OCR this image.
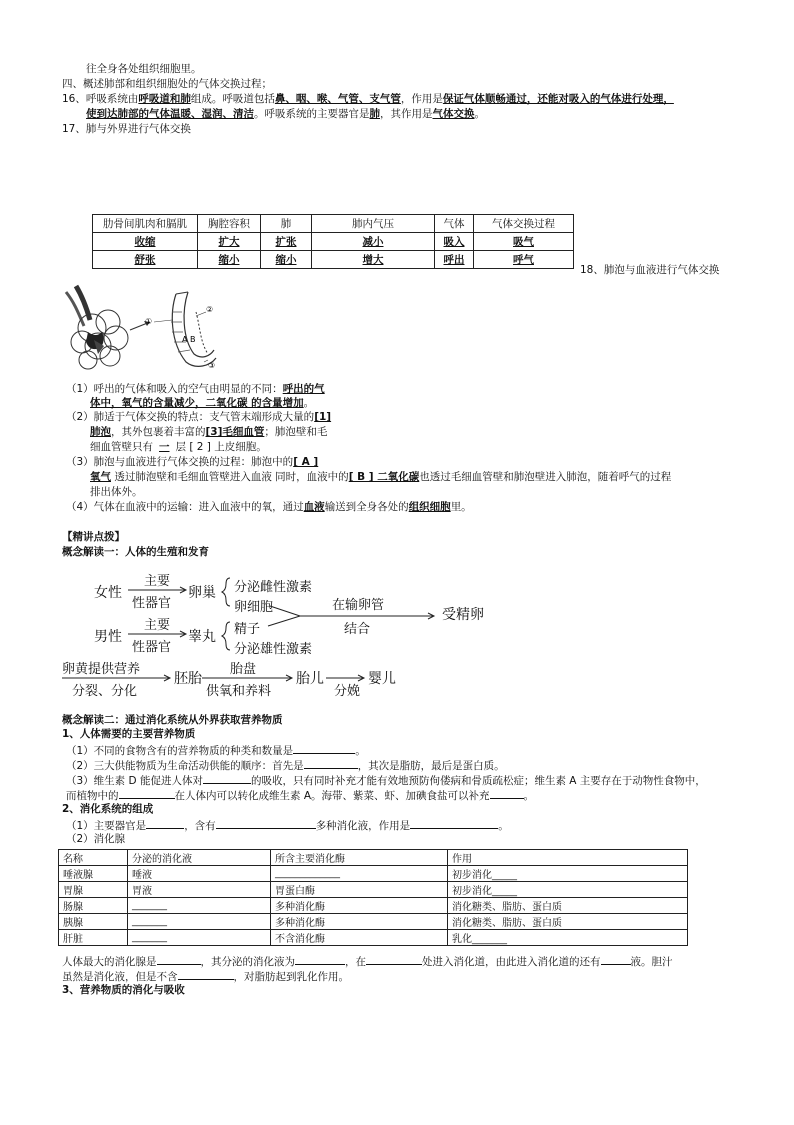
往全身各处组织细胞里。
四、概述肺部和组织细胞处的气体交换过程；
16、呼吸系统由呼吸道和肺组成。呼吸道包括鼻、咽、喉、气管、支气管，作用是保证气体顺畅通过，还能对吸入的气体进行处理，
使到达肺部的气体温暖、湿润、清洁。呼吸系统的主要器官是肺，其作用是气体交换。
17、肺与外界进行气体交换
肋骨间肌肉和膈肌	胸腔容积	肺	肺内气压	气体	气体交换过程
收缩	扩大	扩张	减小	吸入	吸气
舒张	缩小	缩小	增大	呼出	呼气
18、肺泡与血液进行气体交换
①
②
③
A B
（1）呼出的气体和吸入的空气由明显的不同：呼出的气
体中，氧气的含量减少，二氧化碳 的含量增加。
（2）肺适于气体交换的特点：支气管末端形成大量的[1]
肺泡，其外包裹着丰富的[3]毛细血管；肺泡壁和毛
细血管壁只有 一 层 [ 2 ] 上皮细胞。
（3）肺泡与血液进行气体交换的过程：肺泡中的[ A ]
氧气 透过肺泡壁和毛细血管壁进入血液 同时，血液中的[ B ] 二氧化碳也透过毛细血管壁和肺泡壁进入肺泡，随着呼气的过程
排出体外。
（4）气体在血液中的运输：进入血液中的氧，通过血液输送到全身各处的组织细胞里。
【精讲点拨】
概念解读一：人体的生殖和发育
女性
主要
性器官
卵巢 分泌雌性激素
卵细胞	在输卵管
结合
受精卵
男性
主要
性器官
睾丸 精子
分泌雄性激素
卵黄提供营养
分裂、分化
胚胎
胎盘
供氧和养料
胎儿
分娩
婴儿
概念解读二：通过消化系统从外界获取营养物质
1、人体需要的主要营养物质
（1）不同的食物含有的营养物质的种类和数量是	。
（2）三大供能物质为生命活动供能的顺序：首先是	，其次是脂肪，最后是蛋白质。
（3）维生素 D 能促进人体对	的吸收，只有同时补充才能有效地预防佝偻病和骨质疏松症；维生素 A 主要存在于动物性食物中，
而植物中的	在人体内可以转化成维生素 A。海带、紫菜、虾、加碘食盐可以补充	。
2、消化系统的组成
（1）主要器官是	，含有	多种消化液，作用是	。
（2）消化腺
名称	分泌的消化液	所含主要消化酶	作用
唾液腺	唾液	_____________	初步消化_____
胃腺	胃液	胃蛋白酶	初步消化_____
肠腺	_______	多种消化酶	消化糖类、脂肪、蛋白质
胰腺	_______	多种消化酶	消化糖类、脂肪、蛋白质
肝脏	_______	不含消化酶	乳化_______
人体最大的消化腺是	，其分泌的消化液为	，在	处进入消化道，由此进入消化道的还有	液。胆汁
虽然是消化液，但是不含	，对脂肪起到乳化作用。
3、营养物质的消化与吸收
